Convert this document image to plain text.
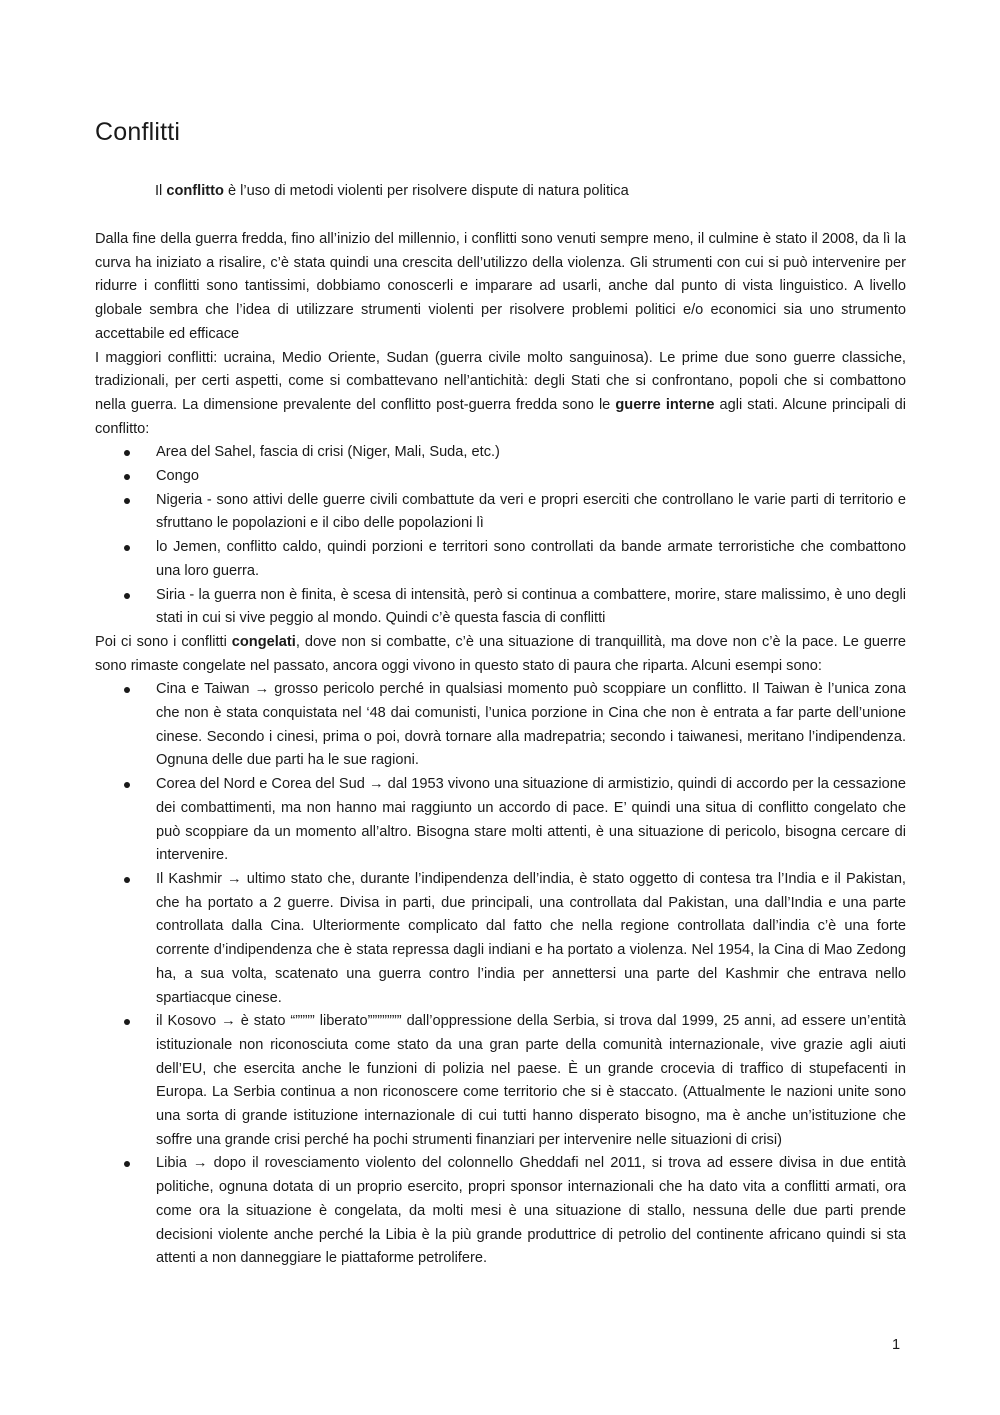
Conflitti

Il conflitto è l’uso di metodi violenti per risolvere dispute di natura politica

Dalla fine della guerra fredda, fino all’inizio del millennio, i conflitti sono venuti sempre meno, il culmine è stato il 2008, da lì la curva ha iniziato a risalire, c’è stata quindi una crescita dell’utilizzo della violenza. Gli strumenti con cui si può intervenire per ridurre i conflitti sono tantissimi, dobbiamo conoscerli e imparare ad usarli, anche dal punto di vista linguistico. A livello globale sembra che l’idea di utilizzare strumenti violenti per risolvere problemi politici e/o economici sia uno strumento accettabile ed efficace

I maggiori conflitti: ucraina, Medio Oriente, Sudan (guerra civile molto sanguinosa). Le prime due sono guerre classiche, tradizionali, per certi aspetti, come si combattevano nell’antichità: degli Stati che si confrontano, popoli che si combattono nella guerra. La dimensione prevalente del conflitto post-guerra fredda sono le guerre interne agli stati. Alcune principali di conflitto:

Area del Sahel, fascia di crisi (Niger, Mali, Suda, etc.)
Congo
Nigeria - sono attivi delle guerre civili combattute da veri e propri eserciti che controllano le varie parti di territorio e sfruttano le popolazioni e il cibo delle popolazioni lì
lo Jemen, conflitto caldo, quindi porzioni e territori sono controllati da bande armate terroristiche che combattono una loro guerra.
Siria - la guerra non è finita, è scesa di intensità, però si continua a combattere, morire, stare malissimo, è uno degli stati in cui si vive peggio al mondo. Quindi c’è questa fascia di conflitti

Poi ci sono i conflitti congelati, dove non si combatte, c’è una situazione di tranquillità, ma dove non c’è la pace. Le guerre sono rimaste congelate nel passato, ancora oggi vivono in questo stato di paura che riparta. Alcuni esempi sono:

Cina e Taiwan → grosso pericolo perché in qualsiasi momento può scoppiare un conflitto. Il Taiwan è l’unica zona che non è stata conquistata nel ‘48 dai comunisti, l’unica porzione in Cina che non è entrata a far parte dell’unione cinese. Secondo i cinesi, prima o poi, dovrà tornare alla madrepatria; secondo i taiwanesi, meritano l’indipendenza. Ognuna delle due parti ha le sue ragioni.
Corea del Nord e Corea del Sud → dal 1953 vivono una situazione di armistizio, quindi di accordo per la cessazione dei combattimenti, ma non hanno mai raggiunto un accordo di pace. E’ quindi una situa di conflitto congelato che può scoppiare da un momento all’altro. Bisogna stare molti attenti, è una situazione di pericolo, bisogna cercare di intervenire.
Il Kashmir → ultimo stato che, durante l’indipendenza dell’india, è stato oggetto di contesa tra l’India e il Pakistan, che ha portato a 2 guerre. Divisa in parti, due principali, una controllata dal Pakistan, una dall’India e una parte controllata dalla Cina. Ulteriormente complicato dal fatto che nella regione controllata dall’india c’è una forte corrente d’indipendenza che è stata repressa dagli indiani e ha portato a violenza. Nel 1954, la Cina di Mao Zedong ha, a sua volta, scatenato una guerra contro l’india per annettersi una parte del Kashmir che entrava nello spartiacque cinese.
il Kosovo → è stato “”””” liberato””””””” dall’oppressione della Serbia, si trova dal 1999, 25 anni, ad essere un’entità istituzionale non riconosciuta come stato da una gran parte della comunità internazionale, vive grazie agli aiuti dell’EU, che esercita anche le funzioni di polizia nel paese. È un grande crocevia di traffico di stupefacenti in Europa. La Serbia continua a non riconoscere come territorio che si è staccato. (Attualmente le nazioni unite sono una sorta di grande istituzione internazionale di cui tutti hanno disperato bisogno, ma è anche un’istituzione che soffre una grande crisi perché ha pochi strumenti finanziari per intervenire nelle situazioni di crisi)
Libia → dopo il rovesciamento violento del colonnello Gheddafi nel 2011, si trova ad essere divisa in due entità politiche, ognuna dotata di un proprio esercito, propri sponsor internazionali che ha dato vita a conflitti armati, ora come ora la situazione è congelata, da molti mesi è una situazione di stallo, nessuna delle due parti prende decisioni violente anche perché la Libia è la più grande produttrice di petrolio del continente africano quindi si sta attenti a non danneggiare le piattaforme petrolifere.
1
